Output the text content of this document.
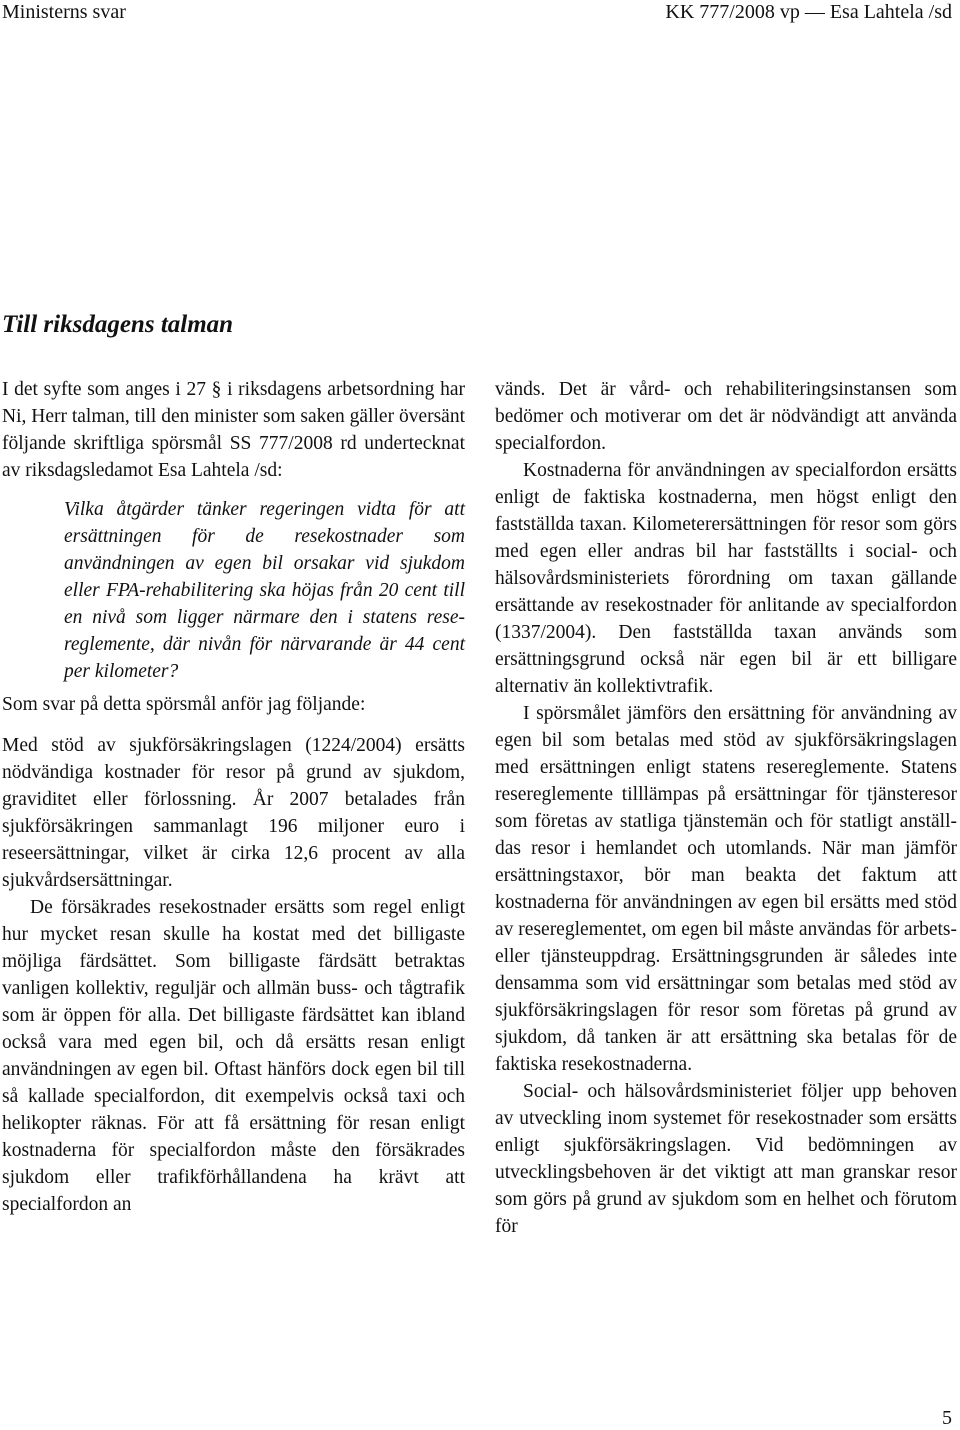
Ministerns svar	KK 777/2008 vp — Esa Lahtela /sd
Till riksdagens talman

I det syfte som anges i 27 § i riksdagens arbetsordning har Ni, Herr talman, till den minister som saken gäller översänt följande skriftliga spörsmål SS 777/2008 rd undertecknat av riksdagsledamot Esa Lahtela /sd:

Vilka åtgärder tänker regeringen vidta för att ersättningen för de resekostnader som användningen av egen bil orsakar vid sjukdom eller FPA-rehabilitering ska höjas från 20 cent till en nivå som ligger närmare den i statens resereglemente, där nivån för närvarande är 44 cent per kilometer?

Som svar på detta spörsmål anför jag följande:

Med stöd av sjukförsäkringslagen (1224/2004) ersätts nödvändiga kostnader för resor på grund av sjukdom, graviditet eller förlossning. År 2007 betalades från sjukförsäkringen sammanlagt 196 miljoner euro i reseersättningar, vilket är cirka 12,6 procent av alla sjukvårdsersättningar.

De försäkrades resekostnader ersätts som regel enligt hur mycket resan skulle ha kostat med det billigaste möjliga färdsättet. Som billigaste färdsätt betraktas vanligen kollektiv, reguljär och allmän buss- och tågtrafik som är öppen för alla. Det billigaste färdsättet kan ibland också vara med egen bil, och då ersätts resan enligt användningen av egen bil. Oftast hänförs dock egen bil till så kallade specialfordon, dit exempelvis också taxi och helikopter räknas. För att få ersättning för resan enligt kostnaderna för specialfordon måste den försäkrades sjukdom eller trafikförhållandena ha krävt att specialfordon an

vänds. Det är vård- och rehabiliteringsinstansen som bedömer och motiverar om det är nödvändigt att använda specialfordon.

Kostnaderna för användningen av specialfordon ersätts enligt de faktiska kostnaderna, men högst enligt den fastställda taxan. Kilometerersättningen för resor som görs med egen eller andras bil har fastställts i social- och hälsovårdsministeriets förordning om taxan gällande ersättande av resekostnader för anlitande av specialfordon (1337/2004). Den fastställda taxan används som ersättningsgrund också när egen bil är ett billigare alternativ än kollektivtrafik.

I spörsmålet jämförs den ersättning för användning av egen bil som betalas med stöd av sjukförsäkringslagen med ersättningen enligt statens resereglemente. Statens resereglemente tilllämpas på ersättningar för tjänsteresor som företas av statliga tjänstemän och för statligt anställdas resor i hemlandet och utomlands. När man jämför ersättningstaxor, bör man beakta det faktum att kostnaderna för användningen av egen bil ersätts med stöd av resereglementet, om egen bil måste användas för arbets- eller tjänsteuppdrag. Ersättningsgrunden är således inte densamma som vid ersättningar som betalas med stöd av sjukförsäkringslagen för resor som företas på grund av sjukdom, då tanken är att ersättning ska betalas för de faktiska resekostnaderna.

Social- och hälsovårdsministeriet följer upp behoven av utveckling inom systemet för resekostnader som ersätts enligt sjukförsäkringslagen. Vid bedömningen av utvecklingsbehoven är det viktigt att man granskar resor som görs på grund av sjukdom som en helhet och förutom för

5
